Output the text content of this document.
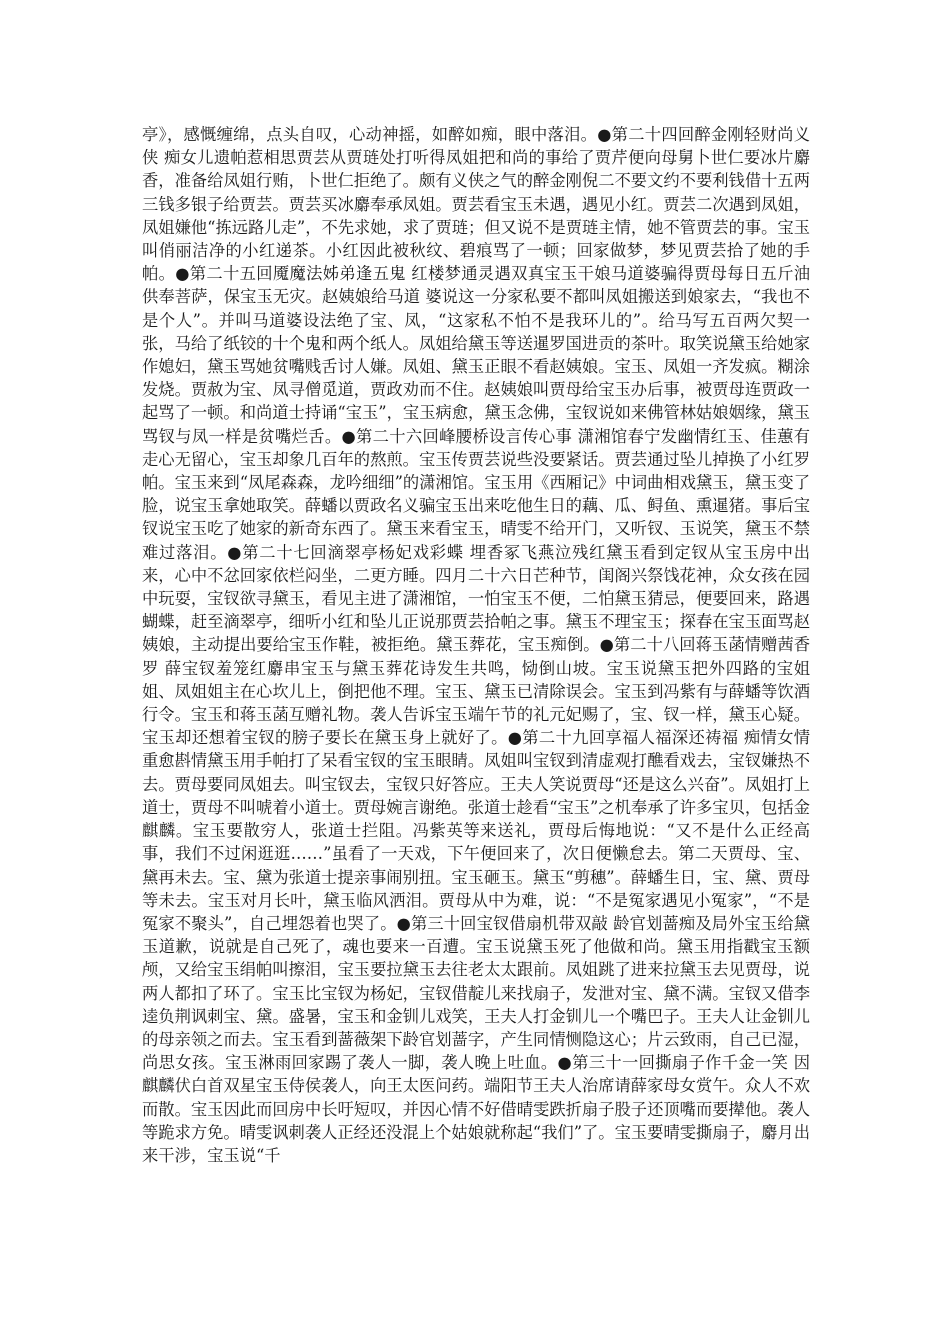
亭》，感慨缠绵，点头自叹，心动神摇，如醉如痴，眼中落泪。●第二十四回醉金刚轻财尚义侠 痴女儿遗帕惹相思贾芸从贾琏处打听得凤姐把和尚的事给了贾芹便向母舅卜世仁要冰片麝香，准备给凤姐行贿，卜世仁拒绝了。颇有义侠之气的醉金刚倪二不要文约不要利钱借十五两三钱多银子给贾芸。贾芸买冰麝奉承凤姐。贾芸看宝玉未遇，遇见小红。贾芸二次遇到凤姐，凤姐嫌他“拣远路儿走”，不先求她，求了贾琏；但又说不是贾琏主情，她不管贾芸的事。宝玉叫俏丽洁净的小红递茶。小红因此被秋纹、碧痕骂了一顿；回家做梦，梦见贾芸拾了她的手帕。●第二十五回魇魔法姊弟逢五鬼 红楼梦通灵遇双真宝玉干娘马道婆骗得贾母每日五斤油供奉菩萨，保宝玉无灾。赵姨娘给马道 婆说这一分家私要不都叫凤姐搬送到娘家去，“我也不是个人”。并叫马道婆设法绝了宝、凤，“这家私不怕不是我环儿的”。给马写五百两欠契一张，马给了纸铰的十个鬼和两个纸人。凤姐给黛玉等送暹罗国进贡的茶叶。取笑说黛玉给她家作媳妇，黛玉骂她贫嘴贱舌讨人嫌。凤姐、黛玉正眼不看赵姨娘。宝玉、凤姐一齐发疯。糊涂发烧。贾赦为宝、凤寻僧觅道，贾政劝而不住。赵姨娘叫贾母给宝玉办后事，被贾母连贾政一起骂了一顿。和尚道士持诵“宝玉”，宝玉病愈，黛玉念佛，宝钗说如来佛管林姑娘姻缘，黛玉骂钗与凤一样是贫嘴烂舌。●第二十六回峰腰桥设言传心事 潇湘馆春宁发幽情红玉、佳蕙有走心无留心，宝玉却象几百年的熬煎。宝玉传贾芸说些没要紧话。贾芸通过坠儿掉换了小红罗帕。宝玉来到“凤尾森森，龙吟细细”的潇湘馆。宝玉用《西厢记》中词曲相戏黛玉，黛玉变了脸，说宝玉拿她取笑。薛蟠以贾政名义骗宝玉出来吃他生日的藕、瓜、鲟鱼、熏暹猪。事后宝钗说宝玉吃了她家的新奇东西了。黛玉来看宝玉，晴雯不给开门，又听钗、玉说笑，黛玉不禁难过落泪。●第二十七回滴翠亭杨妃戏彩蝶 埋香冢飞燕泣残红黛玉看到定钗从宝玉房中出来，心中不忿回家依栏闷坐，二更方睡。四月二十六日芒种节，闺阁兴祭饯花神，众女孩在园中玩耍，宝钗欲寻黛玉，看见主进了潇湘馆，一怕宝玉不便，二怕黛玉猜忌，便要回来，路遇蝴蝶，赶至滴翠亭，细听小红和坠儿正说那贾芸拾帕之事。黛玉不理宝玉；探春在宝玉面骂赵姨娘，主动提出要给宝玉作鞋，被拒绝。黛玉葬花，宝玉痴倒。●第二十八回蒋玉菡情赠茜香罗 薛宝钗羞笼红麝串宝玉与黛玉葬花诗发生共鸣，恸倒山坡。宝玉说黛玉把外四路的宝姐姐、凤姐姐主在心坎儿上，倒把他不理。宝玉、黛玉已清除误会。宝玉到冯紫有与薛蟠等饮酒行令。宝玉和蒋玉菡互赠礼物。袭人告诉宝玉端午节的礼元妃赐了，宝、钗一样，黛玉心疑。宝玉却还想着宝钗的膀子要长在黛玉身上就好了。●第二十九回享福人福深还祷福 痴情女情重愈斟情黛玉用手帕打了呆看宝钗的宝玉眼睛。凤姐叫宝钗到清虚观打醮看戏去，宝钗嫌热不去。贾母要同凤姐去。叫宝钗去，宝钗只好答应。王夫人笑说贾母“还是这么兴奋”。凤姐打上道士，贾母不叫唬着小道士。贾母婉言谢绝。张道士趁看“宝玉”之机奉承了许多宝贝，包括金麒麟。宝玉要散穷人，张道士拦阻。冯紫英等来送礼，贾母后悔地说：“又不是什么正经高事，我们不过闲逛逛……”虽看了一天戏，下午便回来了，次日便懒怠去。第二天贾母、宝、黛再未去。宝、黛为张道士提亲事闹别扭。宝玉砸玉。黛玉“剪穗”。薛蟠生日，宝、黛、贾母等未去。宝玉对月长叶，黛玉临风洒泪。贾母从中为难，说：“不是冤家遇见小冤家”，“不是冤家不聚头”，自己埋怨着也哭了。●第三十回宝钗借扇机带双敲 龄官划蔷痴及局外宝玉给黛玉道歉，说就是自己死了，魂也要来一百遭。宝玉说黛玉死了他做和尚。黛玉用指戳宝玉额颅，又给宝玉绢帕叫擦泪，宝玉要拉黛玉去往老太太跟前。凤姐跳了进来拉黛玉去见贾母，说两人都扣了环了。宝玉比宝钗为杨妃，宝钗借靛儿来找扇子，发泄对宝、黛不满。宝钗又借李逵负荆讽刺宝、黛。盛暑，宝玉和金钏儿戏笑，王夫人打金钏儿一个嘴巴子。王夫人让金钏儿的母亲领之而去。宝玉看到蔷薇架下龄官划蔷字，产生同情恻隐这心；片云致雨，自己已湿，尚思女孩。宝玉淋雨回家踢了袭人一脚，袭人晚上吐血。●第三十一回撕扇子作千金一笑 因麒麟伏白首双星宝玉侍侯袭人，向王太医问药。端阳节王夫人治席请薛家母女赏午。众人不欢而散。宝玉因此而回房中长吁短叹，并因心情不好借晴雯跌折扇子股子还顶嘴而要撵他。袭人等跪求方免。晴雯讽刺袭人正经还没混上个姑娘就称起“我们”了。宝玉要晴雯撕扇子，麝月出来干涉，宝玉说“千
